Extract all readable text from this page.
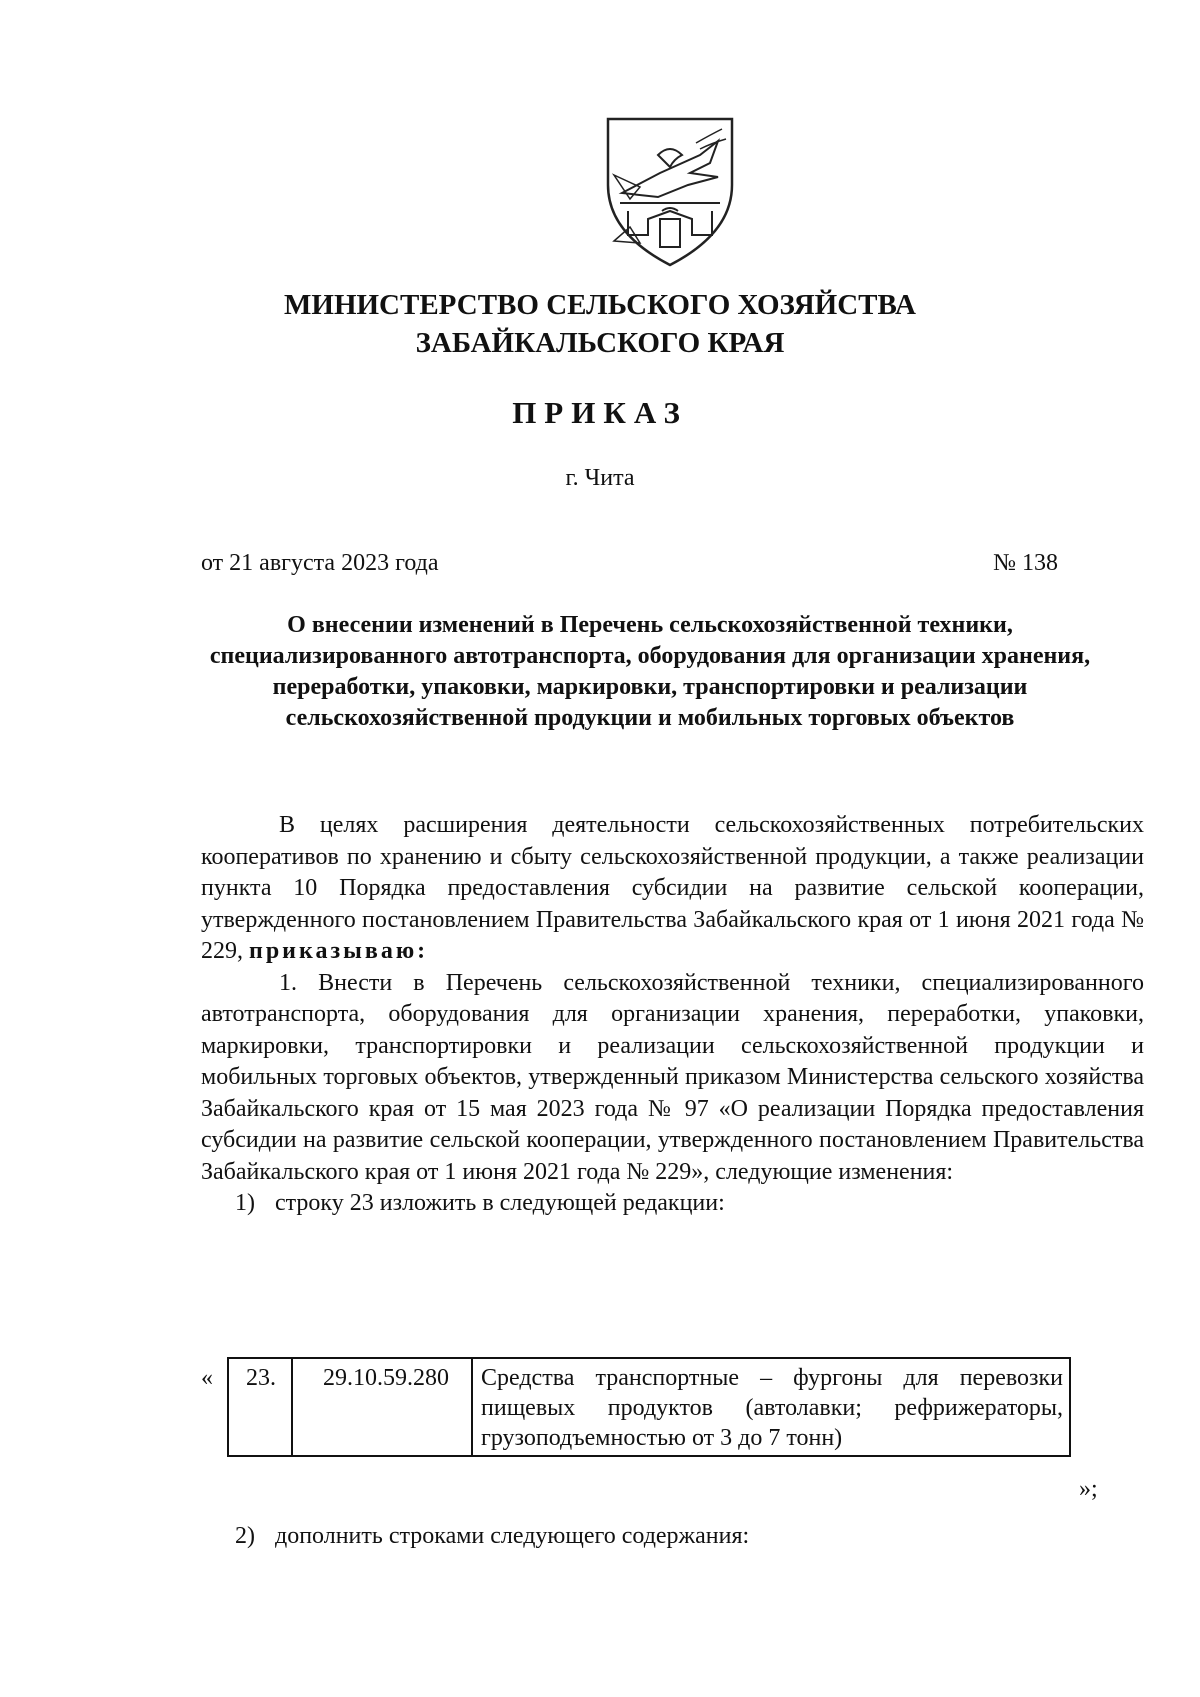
МИНИСТЕРСТВО СЕЛЬСКОГО ХОЗЯЙСТВА
ЗАБАЙКАЛЬСКОГО КРАЯ
ПРИКАЗ
г. Чита
от 21 августа 2023 года	№ 138
О внесении изменений в Перечень сельскохозяйственной техники, специализированного автотранспорта, оборудования для организации хранения, переработки, упаковки, маркировки, транспортировки и реализации сельскохозяйственной продукции и мобильных торговых объектов

В целях расширения деятельности сельскохозяйственных потребительских кооперативов по хранению и сбыту сельскохозяйственной продукции, а также реализации пункта 10 Порядка предоставления субсидии на развитие сельской кооперации, утвержденного постановлением Правительства Забайкальского края от 1 июня 2021 года № 229, приказываю:

1. Внести в Перечень сельскохозяйственной техники, специализированного автотранспорта, оборудования для организации хранения, переработки, упаковки, маркировки, транспортировки и реализации сельскохозяйственной продукции и мобильных торговых объектов, утвержденный приказом Министерства сельского хозяйства Забайкальского края от 15 мая 2023 года № 97 «О реализации Порядка предоставления субсидии на развитие сельской кооперации, утвержденного постановлением Правительства Забайкальского края от 1 июня 2021 года № 229», следующие изменения:

1) строку 23 изложить в следующей редакции:

« 23.	29.10.59.280	Средства транспортные – фургоны для перевозки пищевых продуктов (автолавки; рефрижераторы, грузоподъемностью от 3 до 7 тонн)
»;
2) дополнить строками следующего содержания:
